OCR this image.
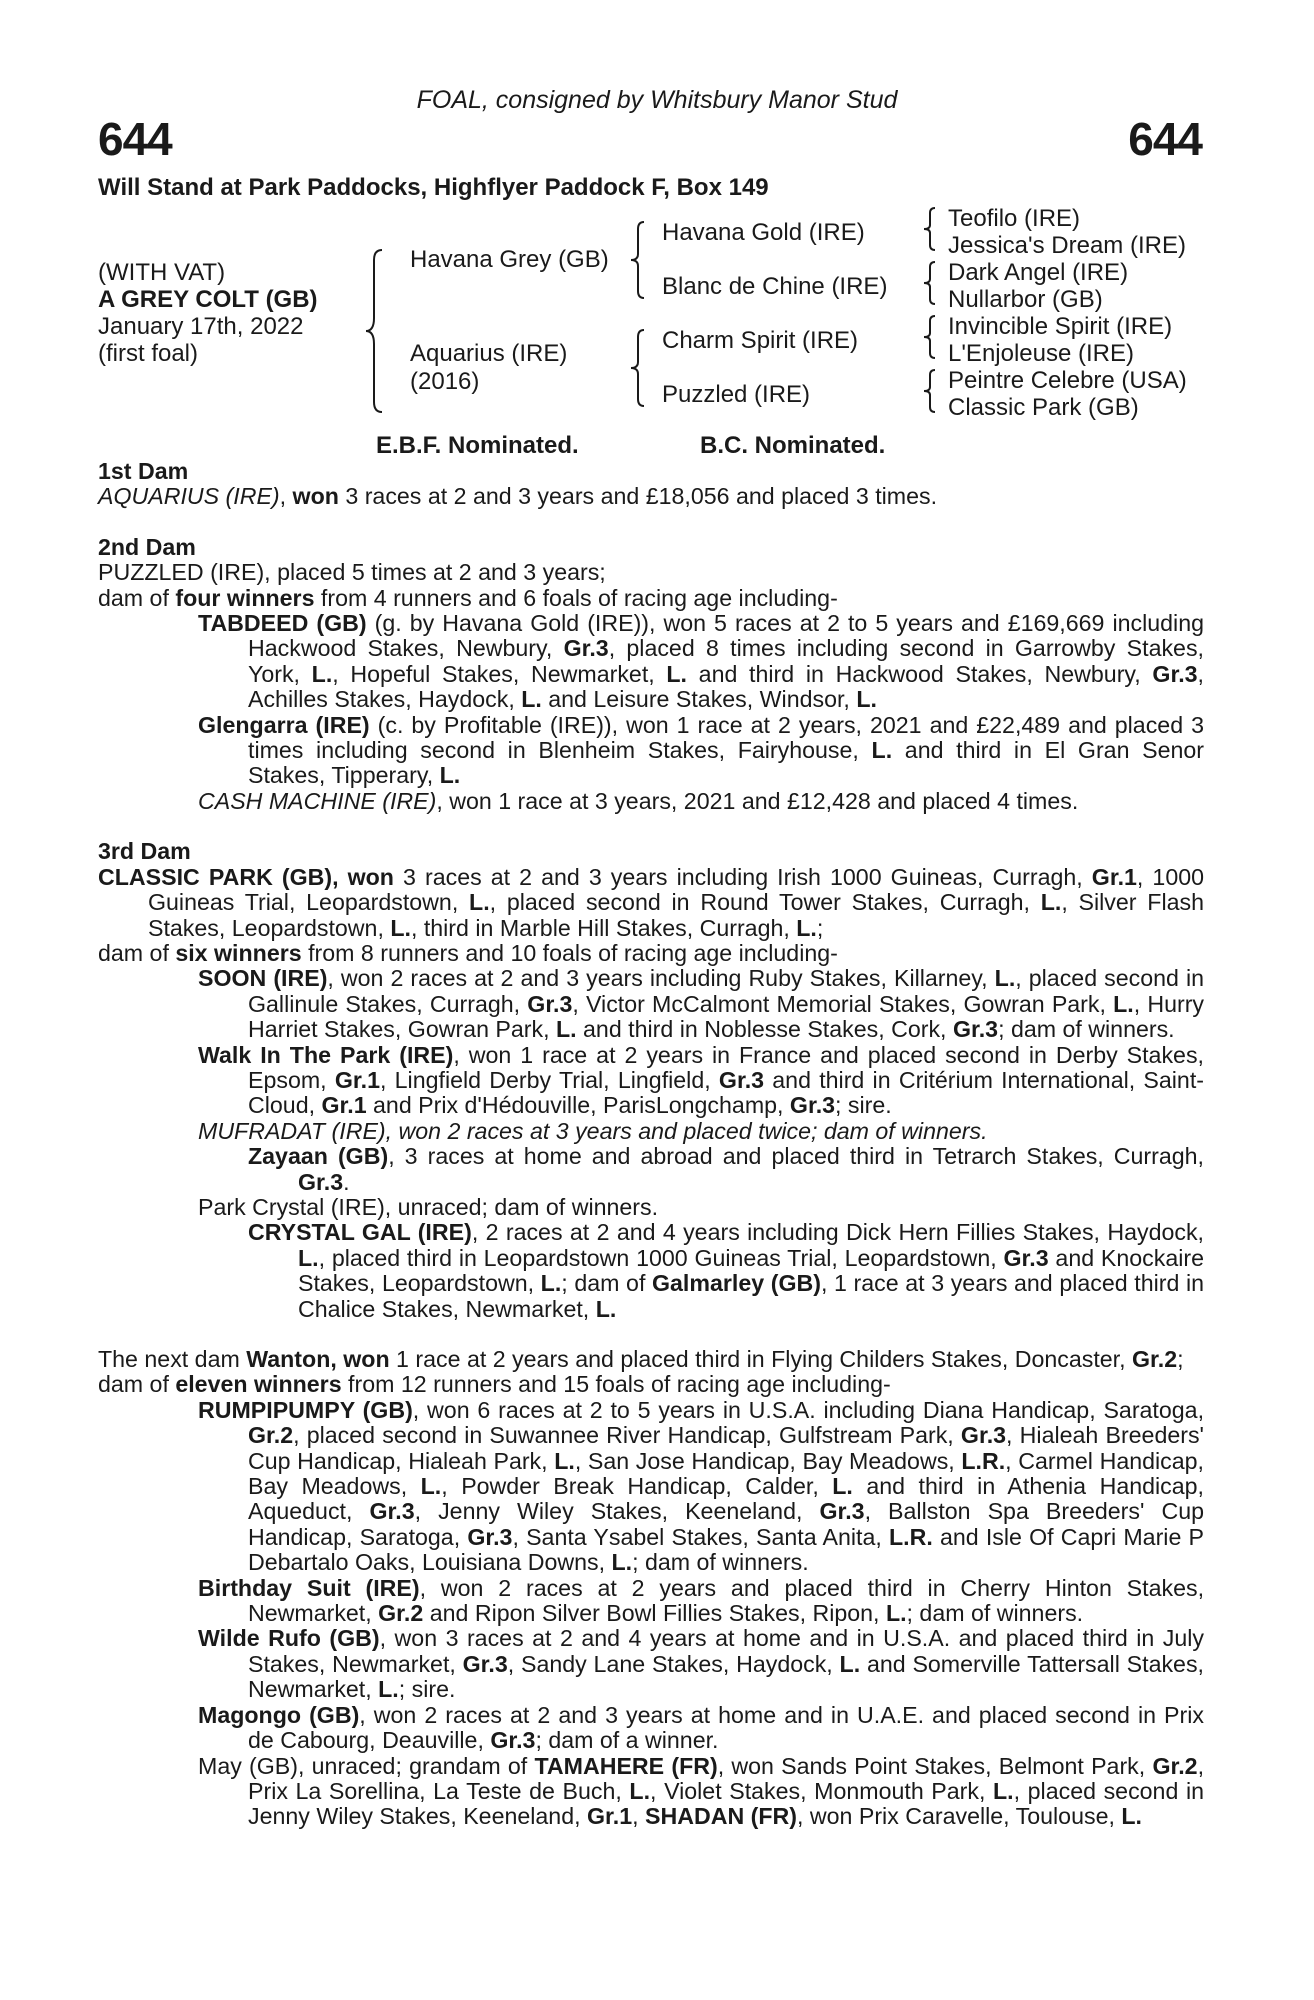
FOAL, consigned by Whitsbury Manor Stud
644	644
Will Stand at Park Paddocks, Highflyer Paddock F, Box 149
(WITH VAT)
A GREY COLT (GB)
January 17th, 2022
(first foal)
Havana Grey (GB)
Aquarius (IRE)
(2016)
Havana Gold (IRE)
Blanc de Chine (IRE)
Charm Spirit (IRE)
Puzzled (IRE)
Teofilo (IRE)
Jessica's Dream (IRE)
Dark Angel (IRE)
Nullarbor (GB)
Invincible Spirit (IRE)
L'Enjoleuse (IRE)
Peintre Celebre (USA)
Classic Park (GB)
E.B.F. Nominated.	B.C. Nominated.

1st Dam

AQUARIUS (IRE), won 3 races at 2 and 3 years and £18,056 and placed 3 times.

2nd Dam

PUZZLED (IRE), placed 5 times at 2 and 3 years;

dam of four winners from 4 runners and 6 foals of racing age including-

TABDEED (GB) (g. by Havana Gold (IRE)), won 5 races at 2 to 5 years and £169,669 including Hackwood Stakes, Newbury, Gr.3, placed 8 times including second in Garrowby Stakes, York, L., Hopeful Stakes, Newmarket, L. and third in Hackwood Stakes, Newbury, Gr.3, Achilles Stakes, Haydock, L. and Leisure Stakes, Windsor, L.

Glengarra (IRE) (c. by Profitable (IRE)), won 1 race at 2 years, 2021 and £22,489 and placed 3 times including second in Blenheim Stakes, Fairyhouse, L. and third in El Gran Senor Stakes, Tipperary, L.

CASH MACHINE (IRE), won 1 race at 3 years, 2021 and £12,428 and placed 4 times.

3rd Dam

CLASSIC PARK (GB), won 3 races at 2 and 3 years including Irish 1000 Guineas, Curragh, Gr.1, 1000 Guineas Trial, Leopardstown, L., placed second in Round Tower Stakes, Curragh, L., Silver Flash Stakes, Leopardstown, L., third in Marble Hill Stakes, Curragh, L.;

dam of six winners from 8 runners and 10 foals of racing age including-

SOON (IRE), won 2 races at 2 and 3 years including Ruby Stakes, Killarney, L., placed second in Gallinule Stakes, Curragh, Gr.3, Victor McCalmont Memorial Stakes, Gowran Park, L., Hurry Harriet Stakes, Gowran Park, L. and third in Noblesse Stakes, Cork, Gr.3; dam of winners.

Walk In The Park (IRE), won 1 race at 2 years in France and placed second in Derby Stakes, Epsom, Gr.1, Lingfield Derby Trial, Lingfield, Gr.3 and third in Critérium International, Saint-Cloud, Gr.1 and Prix d'Hédouville, ParisLongchamp, Gr.3; sire.

MUFRADAT (IRE), won 2 races at 3 years and placed twice; dam of winners.

Zayaan (GB), 3 races at home and abroad and placed third in Tetrarch Stakes, Curragh, Gr.3.

Park Crystal (IRE), unraced; dam of winners.

CRYSTAL GAL (IRE), 2 races at 2 and 4 years including Dick Hern Fillies Stakes, Haydock, L., placed third in Leopardstown 1000 Guineas Trial, Leopardstown, Gr.3 and Knockaire Stakes, Leopardstown, L.; dam of Galmarley (GB), 1 race at 3 years and placed third in Chalice Stakes, Newmarket, L.

The next dam Wanton, won 1 race at 2 years and placed third in Flying Childers Stakes, Doncaster, Gr.2;

dam of eleven winners from 12 runners and 15 foals of racing age including-

RUMPIPUMPY (GB), won 6 races at 2 to 5 years in U.S.A. including Diana Handicap, Saratoga, Gr.2, placed second in Suwannee River Handicap, Gulfstream Park, Gr.3, Hialeah Breeders' Cup Handicap, Hialeah Park, L., San Jose Handicap, Bay Meadows, L.R., Carmel Handicap, Bay Meadows, L., Powder Break Handicap, Calder, L. and third in Athenia Handicap, Aqueduct, Gr.3, Jenny Wiley Stakes, Keeneland, Gr.3, Ballston Spa Breeders' Cup Handicap, Saratoga, Gr.3, Santa Ysabel Stakes, Santa Anita, L.R. and Isle Of Capri Marie P Debartalo Oaks, Louisiana Downs, L.; dam of winners.

Birthday Suit (IRE), won 2 races at 2 years and placed third in Cherry Hinton Stakes, Newmarket, Gr.2 and Ripon Silver Bowl Fillies Stakes, Ripon, L.; dam of winners.

Wilde Rufo (GB), won 3 races at 2 and 4 years at home and in U.S.A. and placed third in July Stakes, Newmarket, Gr.3, Sandy Lane Stakes, Haydock, L. and Somerville Tattersall Stakes, Newmarket, L.; sire.

Magongo (GB), won 2 races at 2 and 3 years at home and in U.A.E. and placed second in Prix de Cabourg, Deauville, Gr.3; dam of a winner.

May (GB), unraced; grandam of TAMAHERE (FR), won Sands Point Stakes, Belmont Park, Gr.2, Prix La Sorellina, La Teste de Buch, L., Violet Stakes, Monmouth Park, L., placed second in Jenny Wiley Stakes, Keeneland, Gr.1, SHADAN (FR), won Prix Caravelle, Toulouse, L.
